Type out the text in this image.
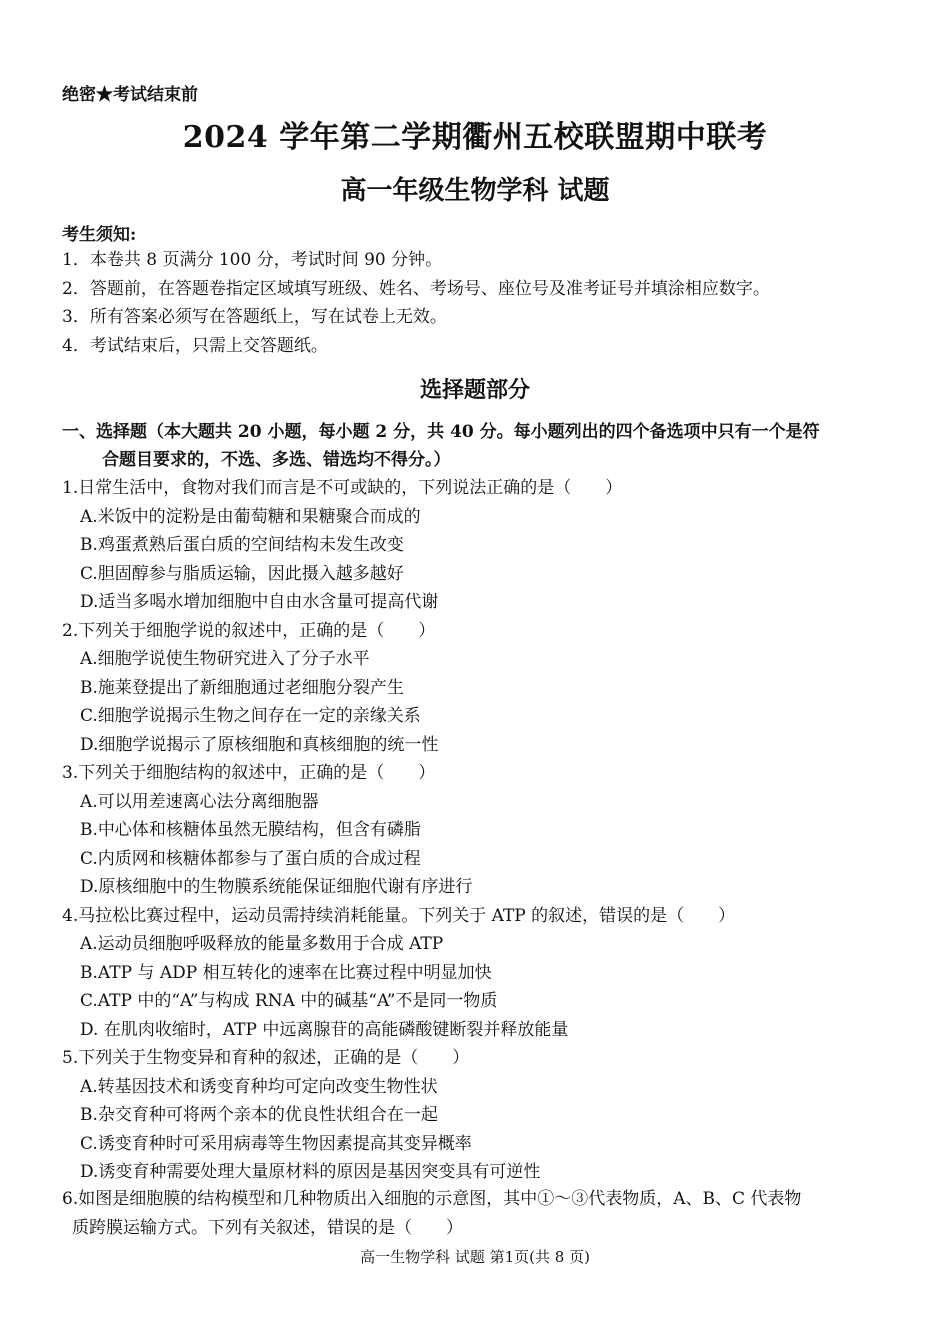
绝密★考试结束前
2024 学年第二学期衢州五校联盟期中联考
高一年级生物学科 试题
考生须知:
1．本卷共 8 页满分 100 分，考试时间 90 分钟。
2．答题前，在答题卷指定区域填写班级、姓名、考场号、座位号及准考证号并填涂相应数字。
3．所有答案必须写在答题纸上，写在试卷上无效。
4．考试结束后，只需上交答题纸。
选择题部分
一、选择题（本大题共 20 小题，每小题 2 分，共 40 分。每小题列出的四个备选项中只有一个是符
合题目要求的，不选、多选、错选均不得分。）
1.日常生活中，食物对我们而言是不可或缺的，下列说法正确的是（　　）
A.米饭中的淀粉是由葡萄糖和果糖聚合而成的
B.鸡蛋煮熟后蛋白质的空间结构未发生改变
C.胆固醇参与脂质运输，因此摄入越多越好
D.适当多喝水增加细胞中自由水含量可提高代谢
2.下列关于细胞学说的叙述中，正确的是（　　）
A.细胞学说使生物研究进入了分子水平
B.施莱登提出了新细胞通过老细胞分裂产生
C.细胞学说揭示生物之间存在一定的亲缘关系
D.细胞学说揭示了原核细胞和真核细胞的统一性
3.下列关于细胞结构的叙述中，正确的是（　　）
A.可以用差速离心法分离细胞器
B.中心体和核糖体虽然无膜结构，但含有磷脂
C.内质网和核糖体都参与了蛋白质的合成过程
D.原核细胞中的生物膜系统能保证细胞代谢有序进行
4.马拉松比赛过程中，运动员需持续消耗能量。下列关于 ATP 的叙述，错误的是（　　）
A.运动员细胞呼吸释放的能量多数用于合成 ATP
B.ATP 与 ADP 相互转化的速率在比赛过程中明显加快
C.ATP 中的“A”与构成 RNA 中的碱基“A”不是同一物质
D. 在肌肉收缩时，ATP 中远离腺苷的高能磷酸键断裂并释放能量
5.下列关于生物变异和育种的叙述，正确的是（　　）
A.转基因技术和诱变育种均可定向改变生物性状
B.杂交育种可将两个亲本的优良性状组合在一起
C.诱变育种时可采用病毒等生物因素提高其变异概率
D.诱变育种需要处理大量原材料的原因是基因突变具有可逆性
6.如图是细胞膜的结构模型和几种物质出入细胞的示意图，其中①～③代表物质，A、B、C 代表物
质跨膜运输方式。下列有关叙述，错误的是（　　）
高一生物学科 试题 第1页(共 8 页)
